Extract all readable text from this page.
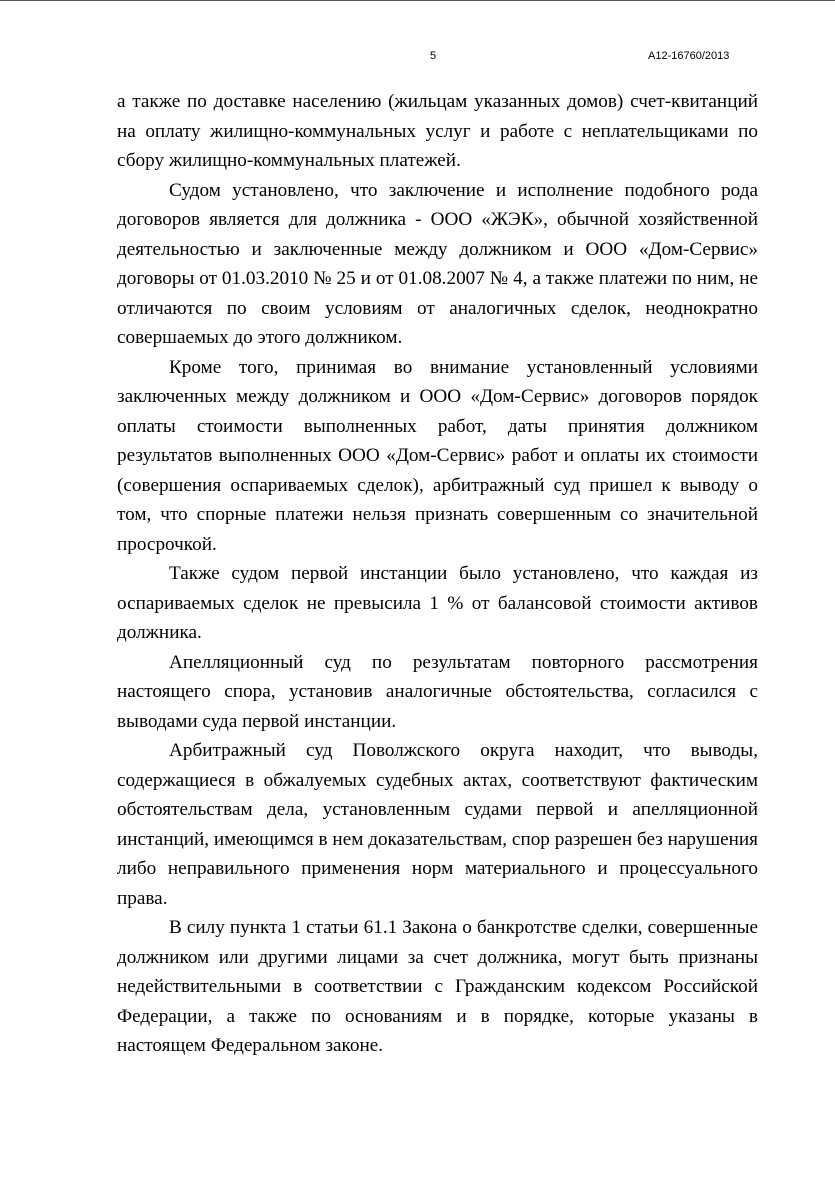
5	А12-16760/2013

а также по доставке населению (жильцам указанных домов) счет-квитанций на оплату жилищно-коммунальных услуг и работе с неплательщиками по сбору жилищно-коммунальных платежей.

Судом установлено, что заключение и исполнение подобного рода договоров является для должника - ООО «ЖЭК», обычной хозяйственной деятельностью и заключенные между должником и ООО «Дом-Сервис» договоры от 01.03.2010 № 25 и от 01.08.2007 № 4, а также платежи по ним, не отличаются по своим условиям от аналогичных сделок, неоднократно совершаемых до этого должником.

Кроме того, принимая во внимание установленный условиями заключенных между должником и ООО «Дом-Сервис» договоров порядок оплаты стоимости выполненных работ, даты принятия должником результатов выполненных ООО «Дом-Сервис» работ и оплаты их стоимости (совершения оспариваемых сделок), арбитражный суд пришел к выводу о том, что спорные платежи нельзя признать совершенным со значительной просрочкой.

Также судом первой инстанции было установлено, что каждая из оспариваемых сделок не превысила 1 % от балансовой стоимости активов должника.

Апелляционный суд по результатам повторного рассмотрения настоящего спора, установив аналогичные обстоятельства, согласился с выводами суда первой инстанции.

Арбитражный суд Поволжского округа находит, что выводы, содержащиеся в обжалуемых судебных актах, соответствуют фактическим обстоятельствам дела, установленным судами первой и апелляционной инстанций, имеющимся в нем доказательствам, спор разрешен без нарушения либо неправильного применения норм материального и процессуального права.

В силу пункта 1 статьи 61.1 Закона о банкротстве сделки, совершенные должником или другими лицами за счет должника, могут быть признаны недействительными в соответствии с Гражданским кодексом Российской Федерации, а также по основаниям и в порядке, которые указаны в настоящем Федеральном законе.
